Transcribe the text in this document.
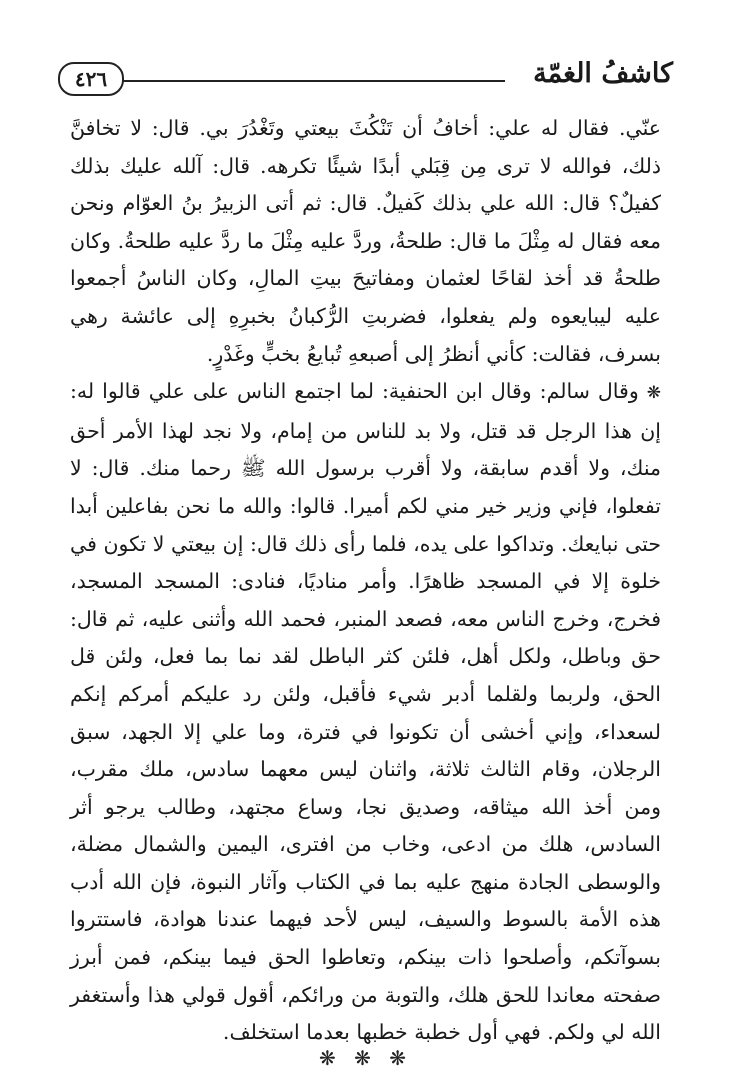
٤٢٦	كاشفُ الغمّة

عنّي. فقال له علي: أخافُ أن تَنْكُثَ بيعتي وتَغْدُرَ بي. قال: لا تخافنَّ ذلك، فوالله لا ترى مِن قِبَلي أبدًا شيئًا تكرهه. قال: آلله عليك بذلك كفيلٌ؟ قال: الله علي بذلك كَفيلٌ. قال: ثم أتى الزبيرُ بنُ العوّام ونحن معه فقال له مِثْلَ ما قال: طلحةُ، وردَّ عليه مِثْلَ ما ردَّ عليه طلحةُ. وكان طلحةُ قد أخذ لقاحًا لعثمان ومفاتيحَ بيتِ المالِ، وكان الناسُ أجمعوا عليه ليبايعوه ولم يفعلوا، فضربتِ الرُّكبانُ بخبرِهِ إلى عائشة رهي بسرف، فقالت: كأني أنظرُ إلى أصبعهِ تُبايعُ بخبٍّ وغَدْرٍ.

❋ وقال سالم: وقال ابن الحنفية: لما اجتمع الناس على علي قالوا له: إن هذا الرجل قد قتل، ولا بد للناس من إمام، ولا نجد لهذا الأمر أحق منك، ولا أقدم سابقة، ولا أقرب برسول الله ﷺ رحما منك. قال: لا تفعلوا، فإني وزير خير مني لكم أميرا. قالوا: والله ما نحن بفاعلين أبدا حتى نبايعك. وتداكوا على يده، فلما رأى ذلك قال: إن بيعتي لا تكون في خلوة إلا في المسجد ظاهرًا. وأمر مناديًا، فنادى: المسجد المسجد، فخرج، وخرج الناس معه، فصعد المنبر، فحمد الله وأثنى عليه، ثم قال: حق وباطل، ولكل أهل، فلئن كثر الباطل لقد نما بما فعل، ولئن قل الحق، ولربما ولقلما أدبر شيء فأقبل، ولئن رد عليكم أمركم إنكم لسعداء، وإني أخشى أن تكونوا في فترة، وما علي إلا الجهد، سبق الرجلان، وقام الثالث ثلاثة، واثنان ليس معهما سادس، ملك مقرب، ومن أخذ الله ميثاقه، وصديق نجا، وساع مجتهد، وطالب يرجو أثر السادس، هلك من ادعى، وخاب من افترى، اليمين والشمال مضلة، والوسطى الجادة منهج عليه بما في الكتاب وآثار النبوة، فإن الله أدب هذه الأمة بالسوط والسيف، ليس لأحد فيهما عندنا هوادة، فاستتروا بسوآتكم، وأصلحوا ذات بينكم، وتعاطوا الحق فيما بينكم، فمن أبرز صفحته معاندا للحق هلك، والتوبة من ورائكم، أقول قولي هذا وأستغفر الله لي ولكم. فهي أول خطبة خطبها بعدما استخلف.

❋ ❋ ❋
